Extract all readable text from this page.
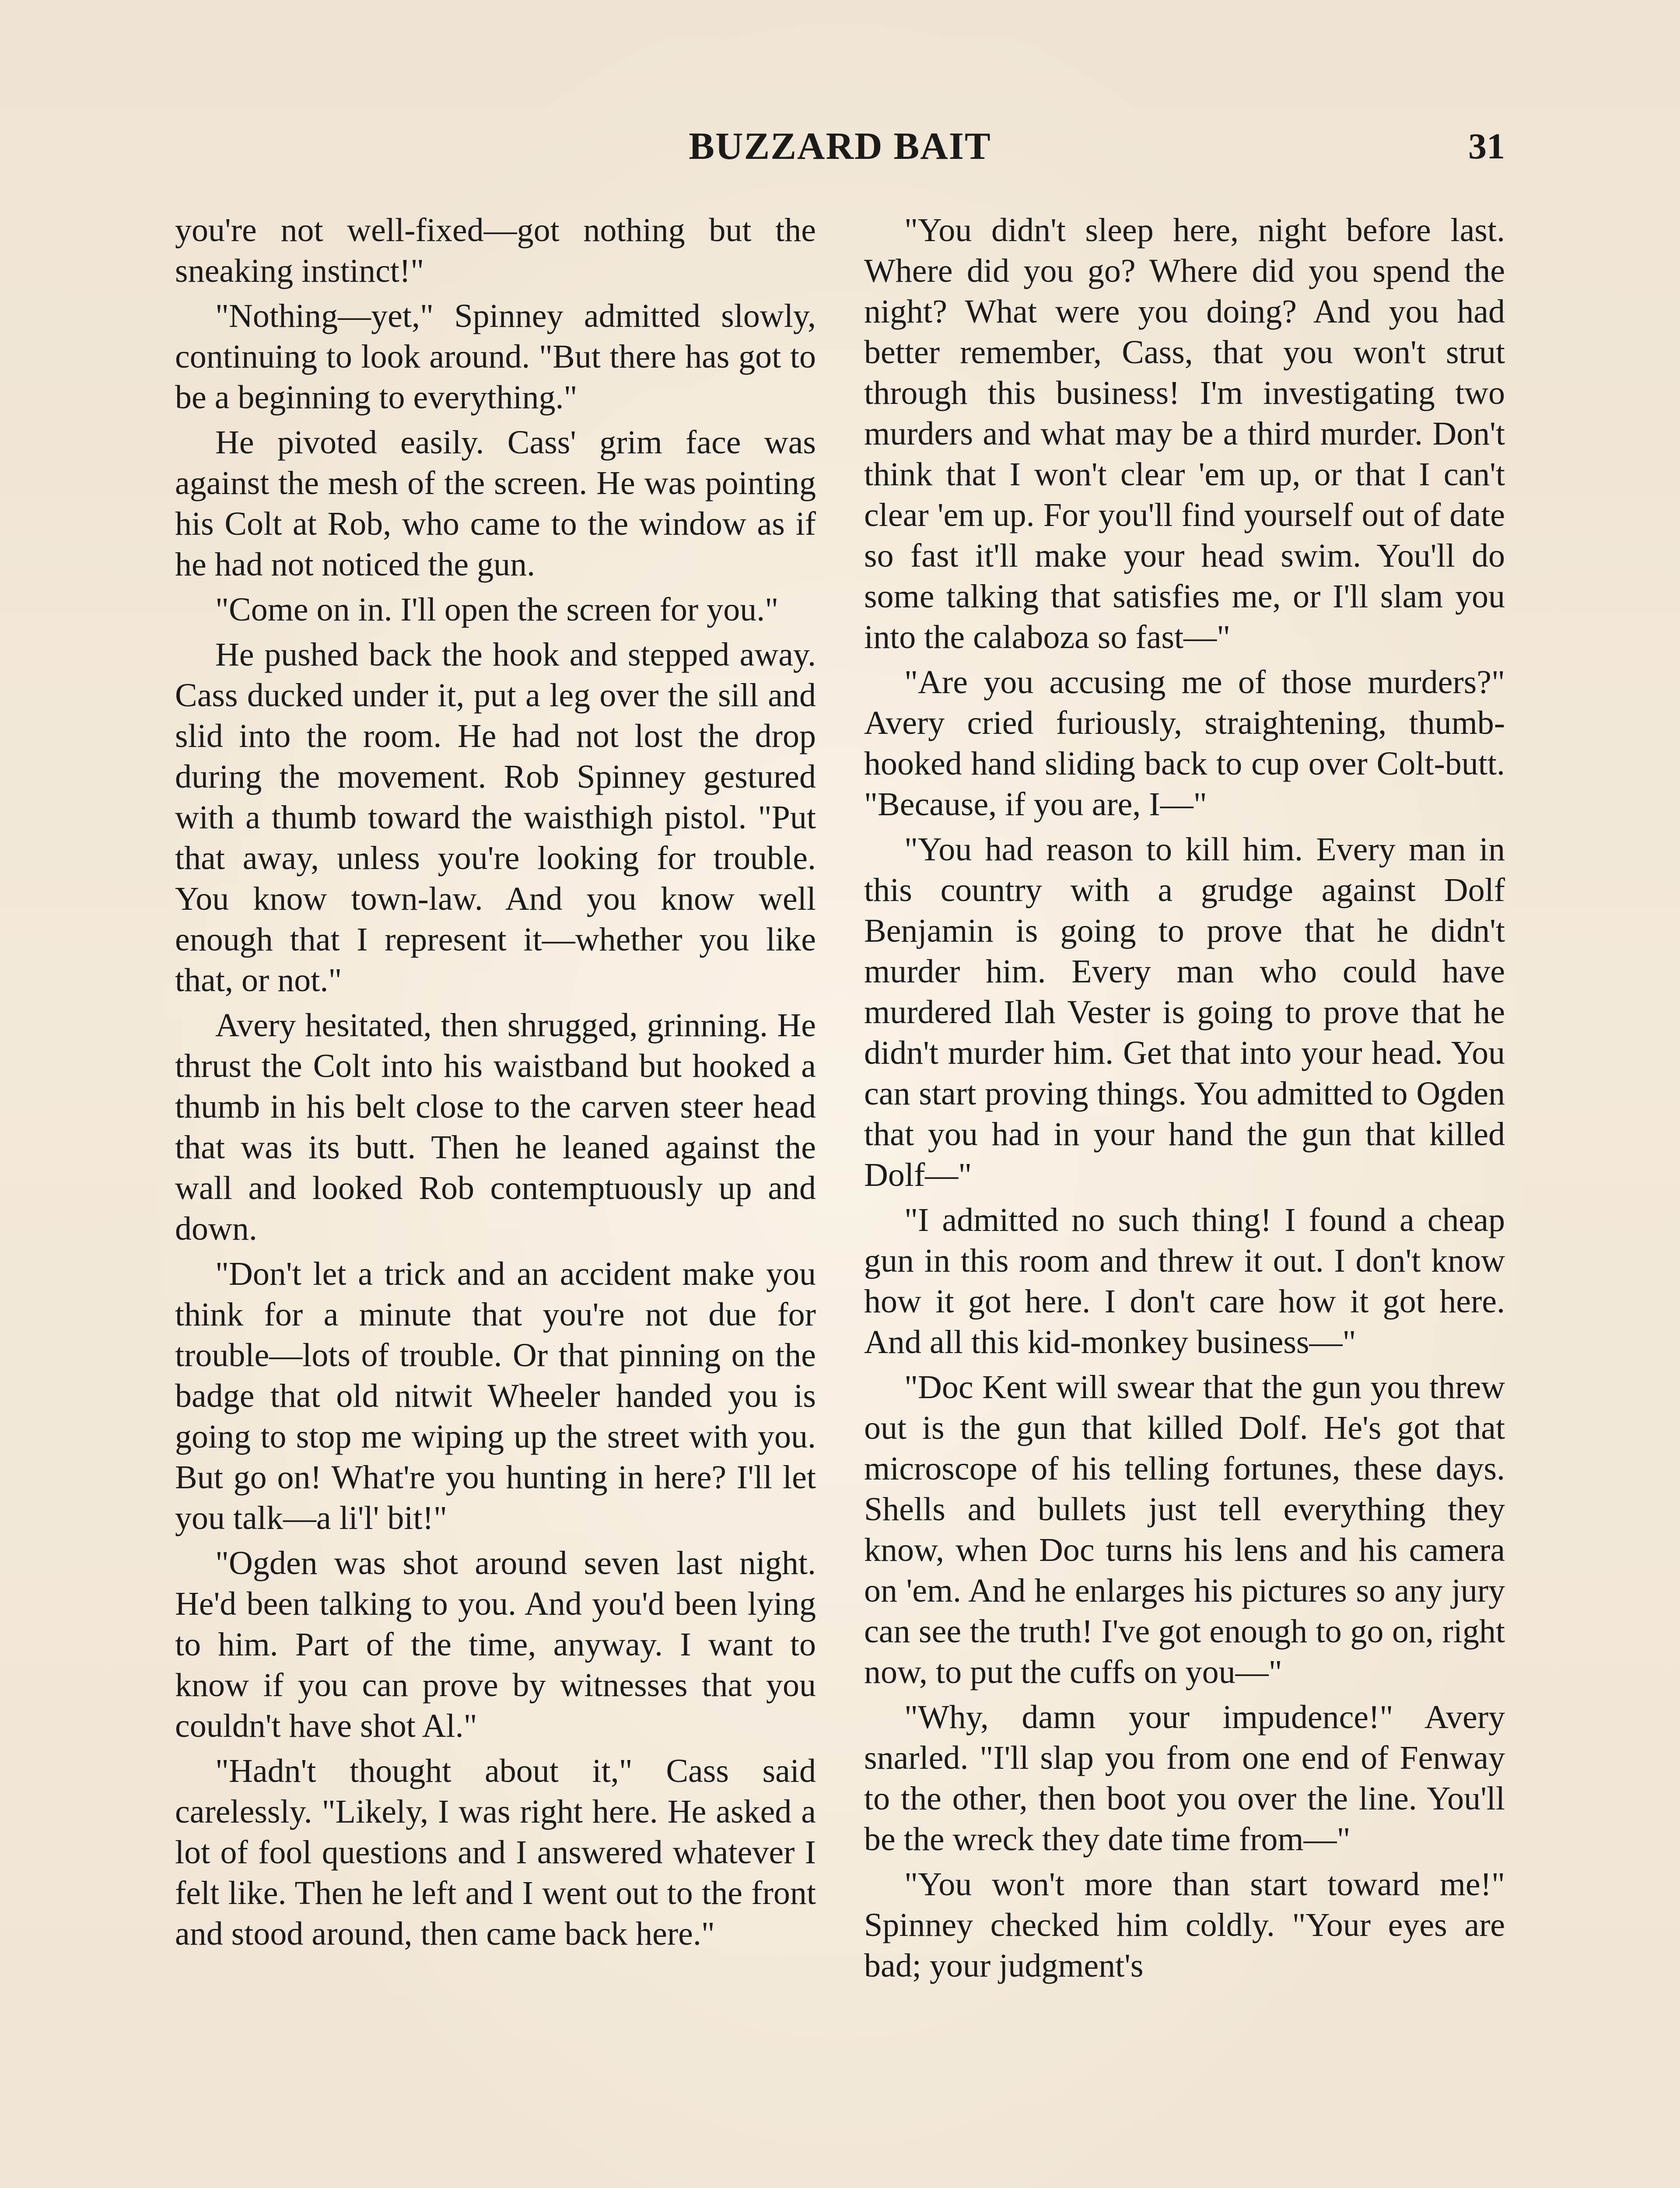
BUZZARD BAIT	31

you're not well-fixed—got nothing but the sneaking instinct!"

"Nothing—yet," Spinney admitted slowly, continuing to look around. "But there has got to be a beginning to everything."

He pivoted easily. Cass' grim face was against the mesh of the screen. He was pointing his Colt at Rob, who came to the window as if he had not noticed the gun.

"Come on in. I'll open the screen for you."

He pushed back the hook and stepped away. Cass ducked under it, put a leg over the sill and slid into the room. He had not lost the drop during the movement. Rob Spinney gestured with a thumb toward the waisthigh pistol. "Put that away, unless you're looking for trouble. You know town-law. And you know well enough that I represent it—whether you like that, or not."

Avery hesitated, then shrugged, grinning. He thrust the Colt into his waistband but hooked a thumb in his belt close to the carven steer head that was its butt. Then he leaned against the wall and looked Rob contemptuously up and down.

"Don't let a trick and an accident make you think for a minute that you're not due for trouble—lots of trouble. Or that pinning on the badge that old nitwit Wheeler handed you is going to stop me wiping up the street with you. But go on! What're you hunting in here? I'll let you talk—a li'l' bit!"

"Ogden was shot around seven last night. He'd been talking to you. And you'd been lying to him. Part of the time, anyway. I want to know if you can prove by witnesses that you couldn't have shot Al."

"Hadn't thought about it," Cass said carelessly. "Likely, I was right here. He asked a lot of fool questions and I answered whatever I felt like. Then he left and I went out to the front and stood around, then came back here."

"You didn't sleep here, night before last. Where did you go? Where did you spend the night? What were you doing? And you had better remember, Cass, that you won't strut through this business! I'm investigating two murders and what may be a third murder. Don't think that I won't clear 'em up, or that I can't clear 'em up. For you'll find yourself out of date so fast it'll make your head swim. You'll do some talking that satisfies me, or I'll slam you into the calaboza so fast—"

"Are you accusing me of those murders?" Avery cried furiously, straightening, thumb-hooked hand sliding back to cup over Colt-butt. "Because, if you are, I—"

"You had reason to kill him. Every man in this country with a grudge against Dolf Benjamin is going to prove that he didn't murder him. Every man who could have murdered Ilah Vester is going to prove that he didn't murder him. Get that into your head. You can start proving things. You admitted to Ogden that you had in your hand the gun that killed Dolf—"

"I admitted no such thing! I found a cheap gun in this room and threw it out. I don't know how it got here. I don't care how it got here. And all this kid-monkey business—"

"Doc Kent will swear that the gun you threw out is the gun that killed Dolf. He's got that microscope of his telling fortunes, these days. Shells and bullets just tell everything they know, when Doc turns his lens and his camera on 'em. And he enlarges his pictures so any jury can see the truth! I've got enough to go on, right now, to put the cuffs on you—"

"Why, damn your impudence!" Avery snarled. "I'll slap you from one end of Fenway to the other, then boot you over the line. You'll be the wreck they date time from—"

"You won't more than start toward me!" Spinney checked him coldly. "Your eyes are bad; your judgment's
